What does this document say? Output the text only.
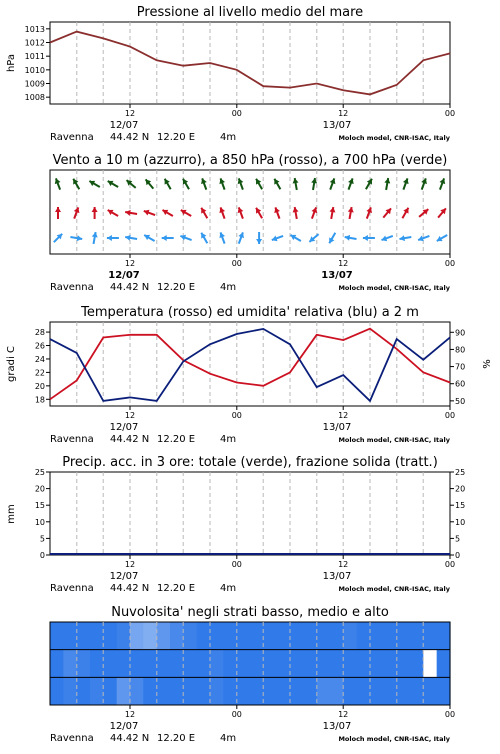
12	00	12	00
12/07	13/07
Ravenna 44.42 N 12.20 E 4m	Moloch model, CNR-ISAC, Italy
Pressione al livello medio del mare
1008
1009
1010
1011
1012
1013
hPa
12	00	12	00
12/07	13/07
Ravenna 44.42 N 12.20 E 4m	Moloch model, CNR-ISAC, Italy
Vento a 10 m (azzurro), a 850 hPa (rosso), a 700 hPa (verde)
12	00	12	00
12/07	13/07
Ravenna 44.42 N 12.20 E 4m	Moloch model, CNR-ISAC, Italy
Temperatura (rosso) ed umidita' relativa (blu) a 2 m
18
20
22
24
26
28
50
60
70
80
90
gradi C	%
12	00	12	00
12/07	13/07
Ravenna 44.42 N 12.20 E 4m	Moloch model, CNR-ISAC, Italy
Precip. acc. in 3 ore: totale (verde), frazione solida (tratt.)
0
5
10
15
20
25
0
5
10
15
20
25
mm
12	00	12	00
12/07	13/07
Ravenna 44.42 N 12.20 E 4m	Moloch model, CNR-ISAC, Italy
Nuvolosita' negli strati basso, medio e alto
